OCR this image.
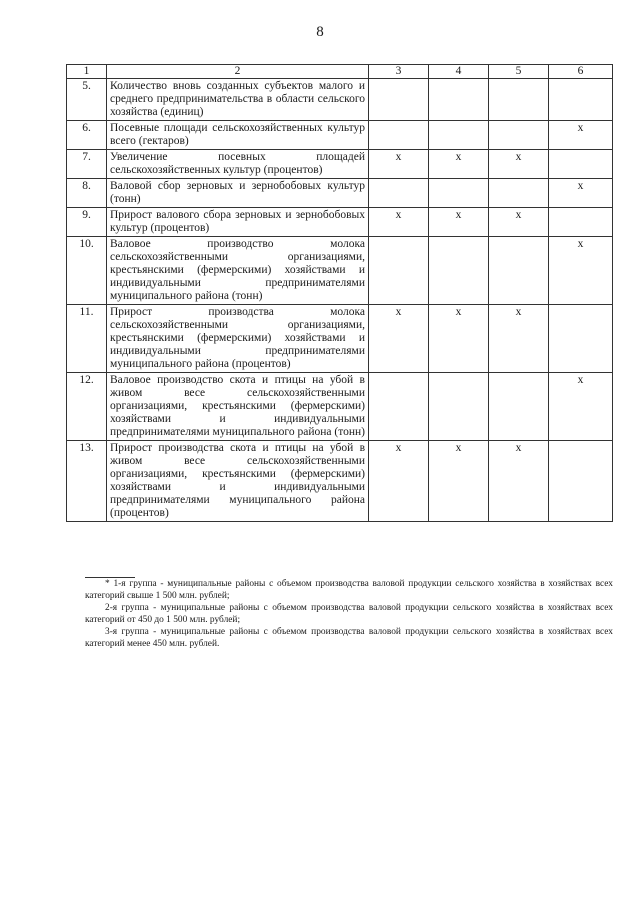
8
1	2	3	4	5	6
5.	Количество вновь созданных субъектов малого и среднего предпринимательства в области сельского хозяйства (единиц)				
6.	Посевные площади сельскохозяйственных культур всего (гектаров)				x
7.	Увеличение посевных площадей сельскохозяйственных культур (процентов)	x	x	x	
8.	Валовой сбор зерновых и зернобобовых культур (тонн)				x
9.	Прирост валового сбора зерновых и зернобобовых культур (процентов)	x	x	x	
10.	Валовое производство молока сельскохозяйственными организациями, крестьянскими (фермерскими) хозяйствами и индивидуальными предпринимателями муниципального района (тонн)				x
11.	Прирост производства молока сельскохозяйственными организациями, крестьянскими (фермерскими) хозяйствами и индивидуальными предпринимателями муниципального района (процентов)	x	x	x	
12.	Валовое производство скота и птицы на убой в живом весе сельскохозяйственными организациями, крестьянскими (фермерскими) хозяйствами и индивидуальными предпринимателями муниципального района (тонн)				x
13.	Прирост производства скота и птицы на убой в живом весе сельскохозяйственными организациями, крестьянскими (фермерскими) хозяйствами и индивидуальными предпринимателями муниципального района (процентов)	x	x	x	

* 1-я группа - муниципальные районы с объемом производства валовой продукции сельского хозяйства в хозяйствах всех категорий свыше 1 500 млн. рублей;

2-я группа - муниципальные районы с объемом производства валовой продукции сельского хозяйства в хозяйствах всех категорий от 450 до 1 500 млн. рублей;

3-я группа - муниципальные районы с объемом производства валовой продукции сельского хозяйства в хозяйствах всех категорий менее 450 млн. рублей.
